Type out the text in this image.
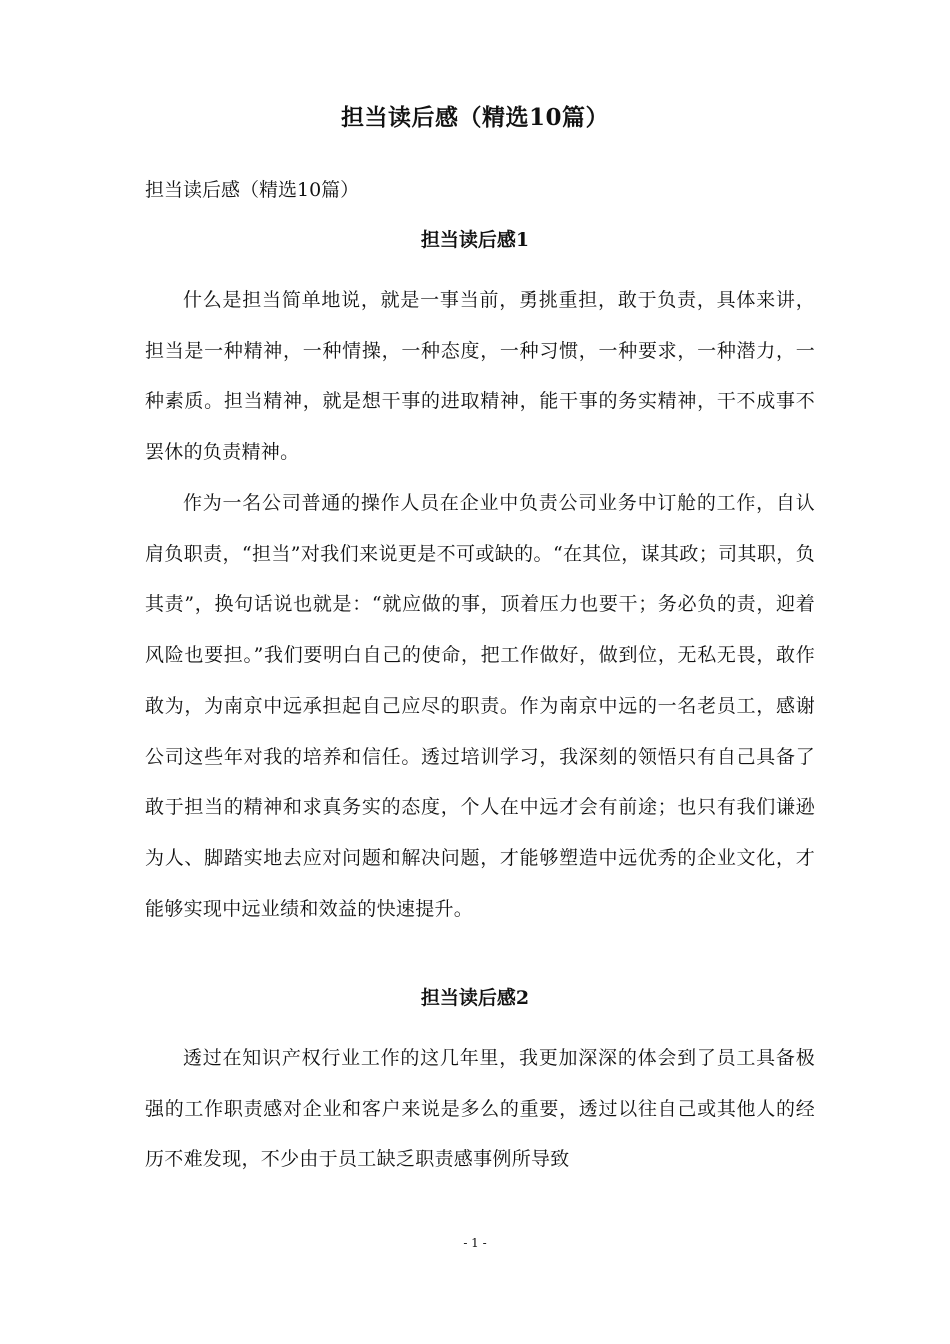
担当读后感（精选10篇）
担当读后感（精选10篇）
担当读后感1

什么是担当简单地说，就是一事当前，勇挑重担，敢于负责，具体来讲，担当是一种精神，一种情操，一种态度，一种习惯，一种要求，一种潜力，一种素质。担当精神，就是想干事的进取精神，能干事的务实精神，干不成事不罢休的负责精神。

作为一名公司普通的操作人员在企业中负责公司业务中订舱的工作，自认肩负职责，“担当”对我们来说更是不可或缺的。“在其位，谋其政；司其职，负其责”，换句话说也就是：“就应做的事，顶着压力也要干；务必负的责，迎着风险也要担。”我们要明白自己的使命，把工作做好，做到位，无私无畏，敢作敢为，为南京中远承担起自己应尽的职责。作为南京中远的一名老员工，感谢公司这些年对我的培养和信任。透过培训学习，我深刻的领悟只有自己具备了敢于担当的精神和求真务实的态度，个人在中远才会有前途；也只有我们谦逊为人、脚踏实地去应对问题和解决问题，才能够塑造中远优秀的企业文化，才能够实现中远业绩和效益的快速提升。

担当读后感2

透过在知识产权行业工作的这几年里，我更加深深的体会到了员工具备极强的工作职责感对企业和客户来说是多么的重要，透过以往自己或其他人的经历不难发现，不少由于员工缺乏职责感事例所导致

- 1 -
